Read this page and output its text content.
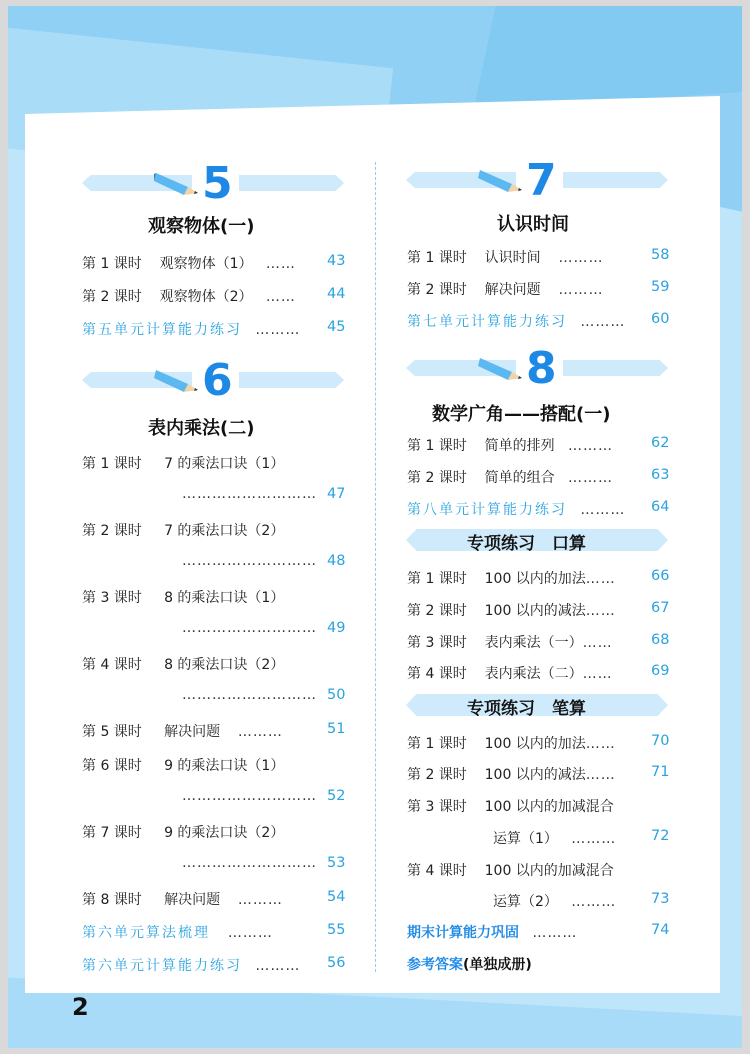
5
观察物体(一)
第 1 课时 观察物体（1） …… 43
第 2 课时 观察物体（2） …… 44
第五单元计算能力练习 ……… 45
6
表内乘法(二)
第 1 课时 7 的乘法口诀（1）
……………………… 47
第 2 课时 7 的乘法口诀（2）
……………………… 48
第 3 课时 8 的乘法口诀（1）
……………………… 49
第 4 课时 8 的乘法口诀（2）
……………………… 50
第 5 课时 解决问题 ………	51
第 6 课时 9 的乘法口诀（1）
……………………… 52
第 7 课时 9 的乘法口诀（2）
……………………… 53
第 8 课时 解决问题 ………	54
第六单元算法梳理 ………	55
第六单元计算能力练习 ……… 56
7
认识时间
第 1 课时 认识时间 ………	58
第 2 课时 解决问题 ………	59
第七单元计算能力练习 ……… 60
8
数学广角——搭配(一)
第 1 课时 简单的排列 ………	62
第 2 课时 简单的组合 ………	63
第八单元计算能力练习 ……… 64
专项练习　口算
第 1 课时 100 以内的加法…… 66
第 2 课时 100 以内的减法…… 67
第 3 课时 表内乘法（一）……	68
第 4 课时 表内乘法（二）……	69
专项练习　笔算
第 1 课时 100 以内的加法…… 70
第 2 课时 100 以内的减法…… 71
第 3 课时 100 以内的加减混合
运算（1） ……… 72
第 4 课时 100 以内的加减混合
运算（2） ……… 73
期末计算能力巩固 ………	74
参考答案(单独成册)
2
